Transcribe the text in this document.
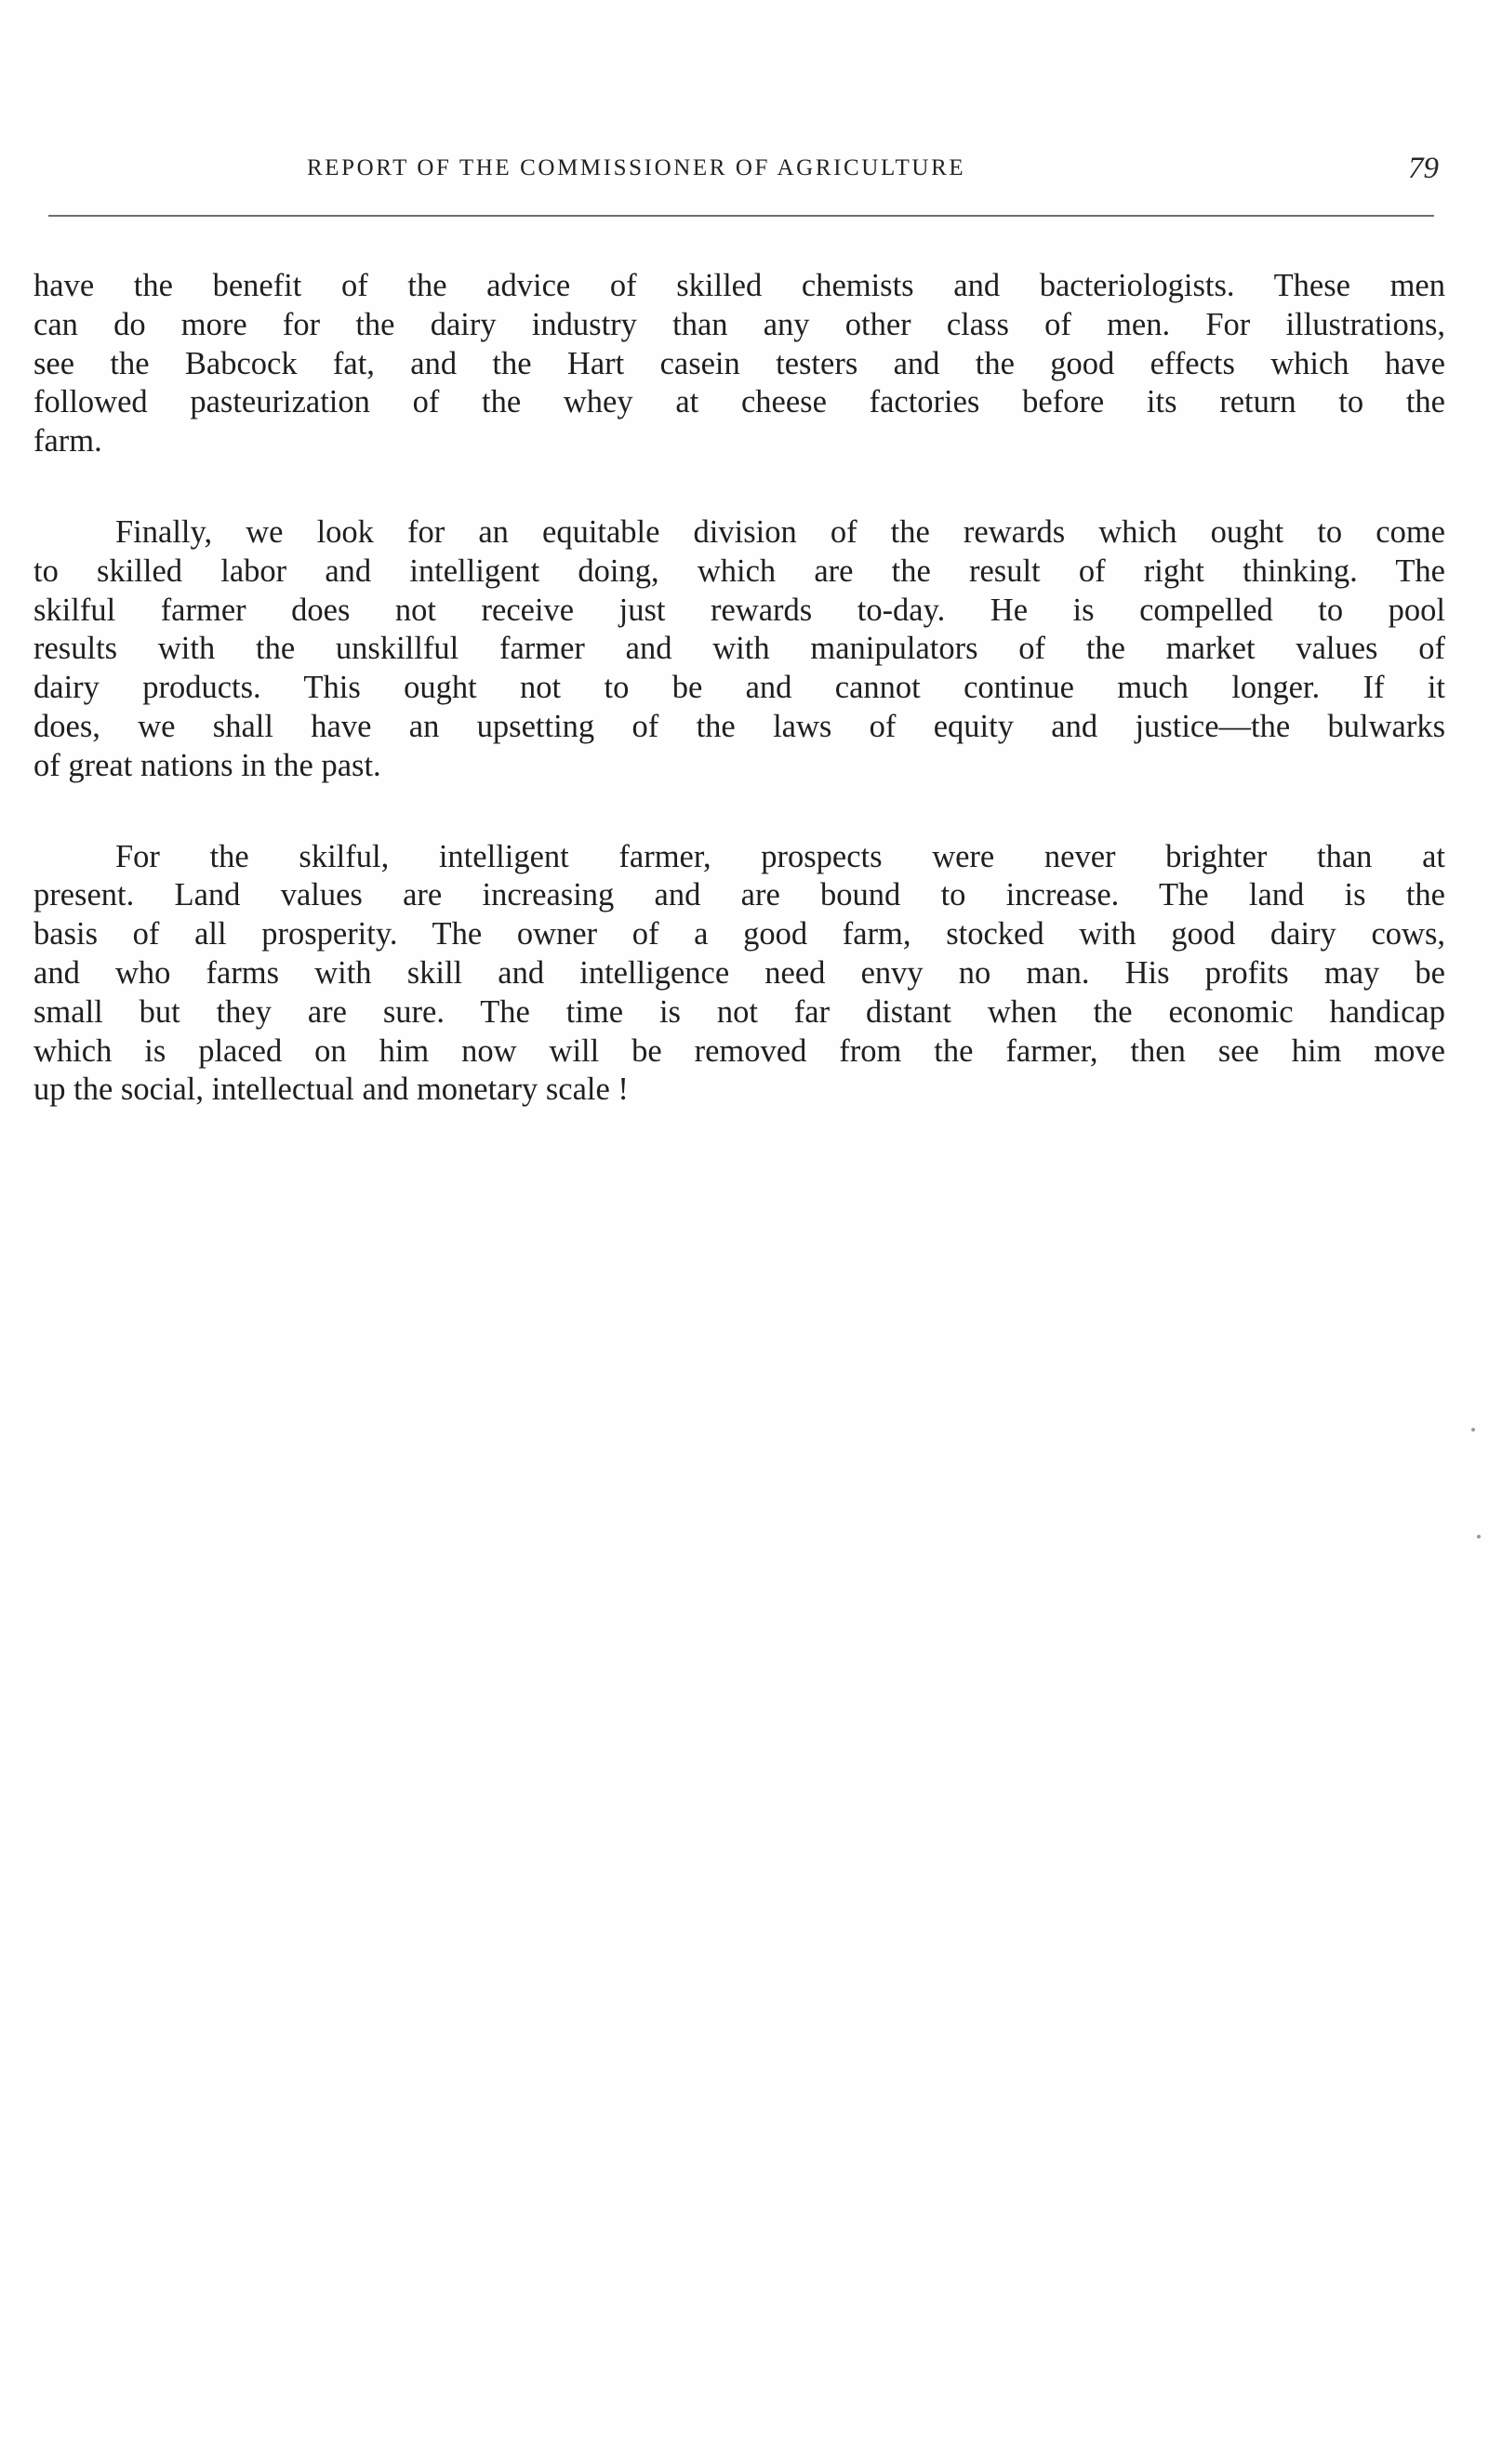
REPORT OF THE COMMISSIONER OF AGRICULTURE	79
have the benefit of the advice of skilled chemists and bacteriologists. These men
can do more for the dairy industry than any other class of men. For illustrations,
see the Babcock fat, and the Hart casein testers and the good effects which have
followed pasteurization of the whey at cheese factories before its return to the
farm.
Finally, we look for an equitable division of the rewards which ought to come
to skilled labor and intelligent doing, which are the result of right thinking. The
skilful farmer does not receive just rewards to-day. He is compelled to pool
results with the unskillful farmer and with manipulators of the market values of
dairy products. This ought not to be and cannot continue much longer. If it
does, we shall have an upsetting of the laws of equity and justice—the bulwarks
of great nations in the past.
For the skilful, intelligent farmer, prospects were never brighter than at
present. Land values are increasing and are bound to increase. The land is the
basis of all prosperity. The owner of a good farm, stocked with good dairy cows,
and who farms with skill and intelligence need envy no man. His profits may be
small but they are sure. The time is not far distant when the economic handicap
which is placed on him now will be removed from the farmer, then see him move
up the social, intellectual and monetary scale !
